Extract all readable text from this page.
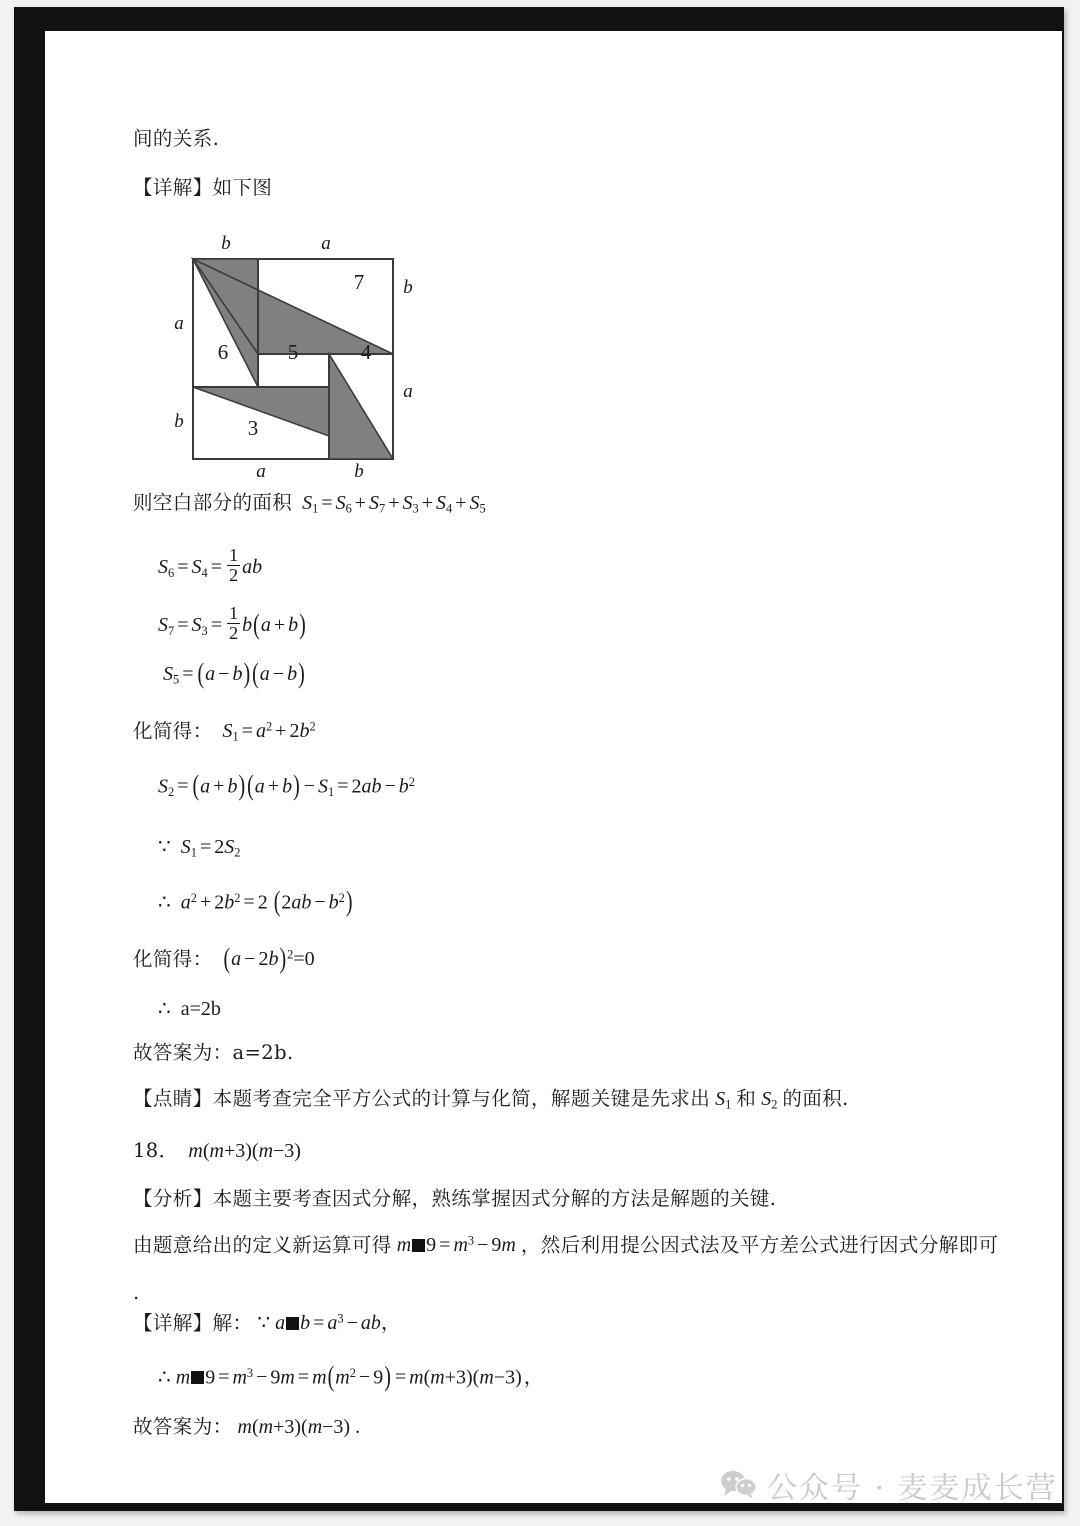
间的关系.
【详解】如下图
7
6	5	4
3
b	a
b
a
a
b
a	b
则空白部分的面积 $S_1 = S_6 + S_7 + S_3 + S_4 + S_5$
$S_6 = S_4 = \frac{1}{2}$ ab
$S_7 = S_3 = \frac{1}{2} b(a + b)$
$S_5 = (a - b) (a - b)$
化简得： $S_1 = a^2 + 2b^2$
$S_2 = (a + b) (a + b) - S_1 = 2ab - b^2$
∵  $S_1 = 2S_2$
∴  $a^2 + 2b^2 = 2$ $(2ab - b^2)$
化简得： $(a - 2b)^2=0$
∴  a=2b
故答案为：a=2b.
【点睛】本题考查完全平方公式的计算与化简，解题关键是先求出 $S_1$ 和 $S_2$ 的面积.
18． m(m+3)(m−3)
【分析】本题主要考查因式分解，熟练掌握因式分解的方法是解题的关键.
由题意给出的定义新运算可得 m $9 = m^3 - 9m$ ，然后利用提公因式法及平方差公式进行因式分解即可
.
【详解】解： ∵ a $b = a^3$ − ab，
∴ m $9 = m^3 - 9m = m(m^2 - 9) = m(m+3)(m-3)$ ，
故答案为： m(m+3)(m−3) .
公众号 · 麦麦成长营
